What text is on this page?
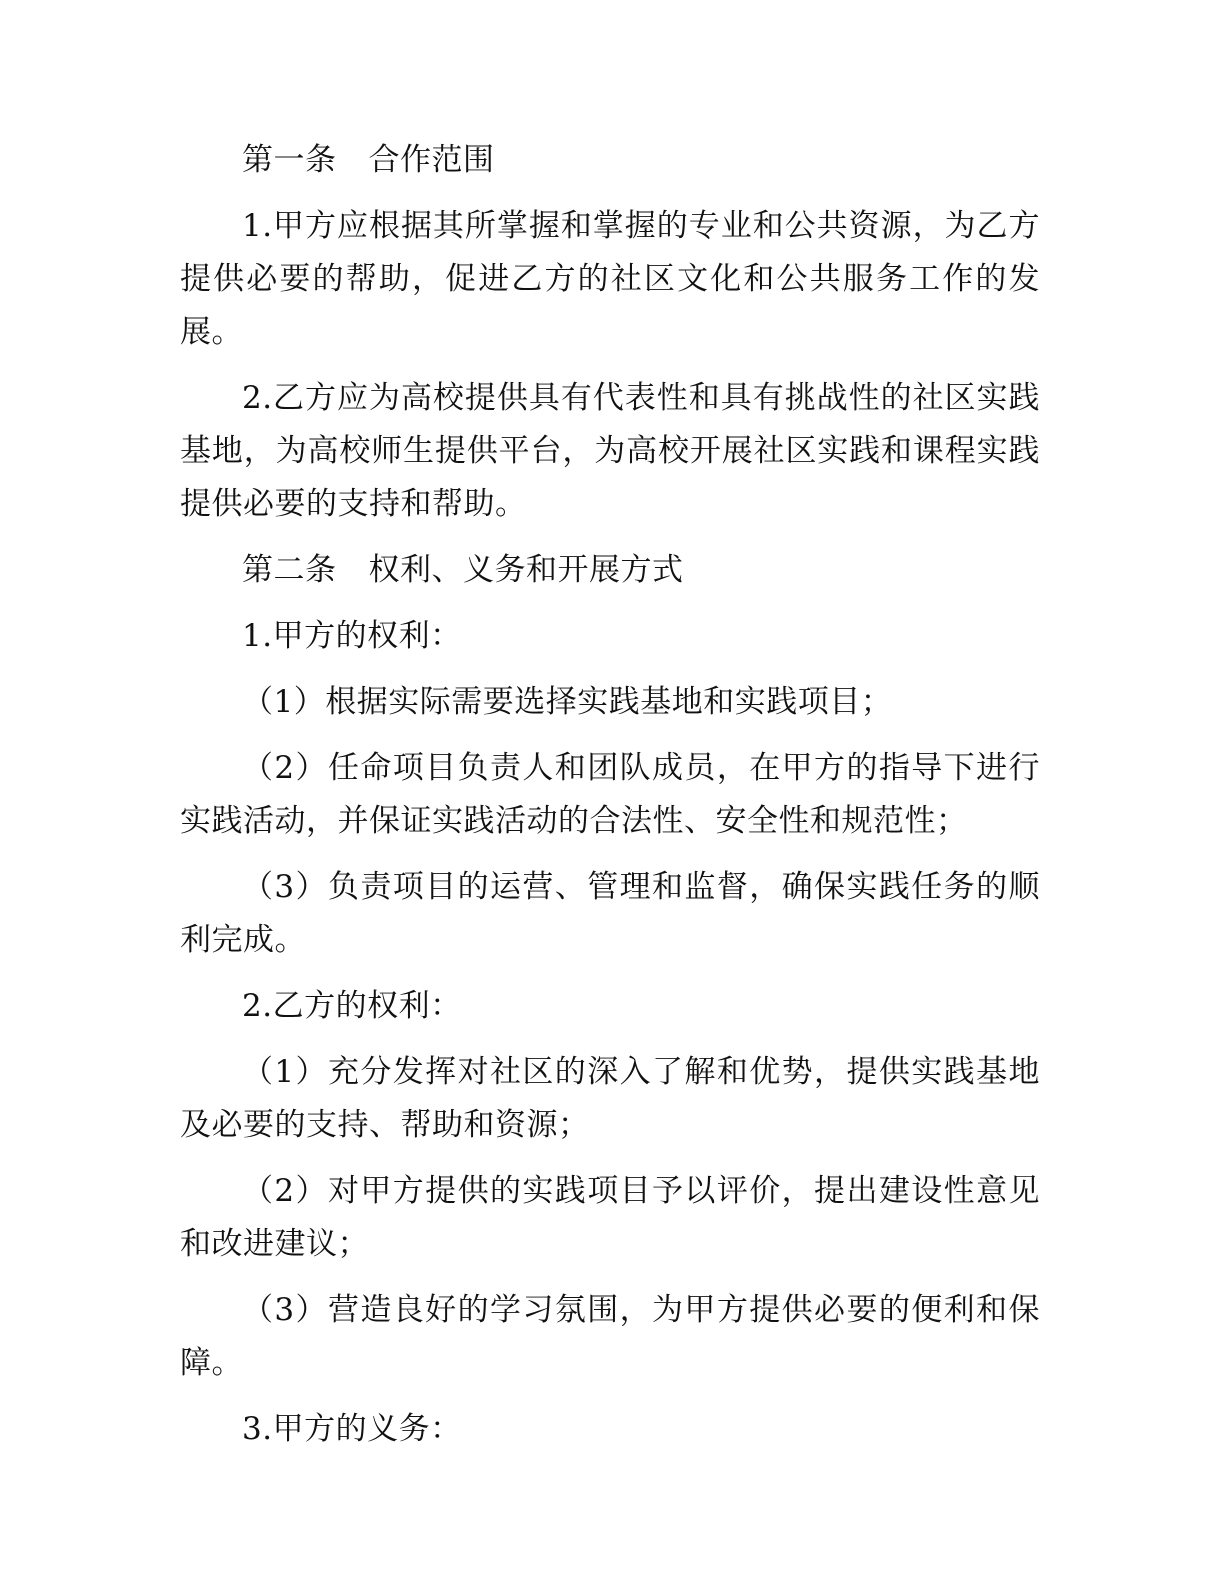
第一条 合作范围

1.甲方应根据其所掌握和掌握的专业和公共资源，为乙方提供必要的帮助，促进乙方的社区文化和公共服务工作的发展。

2.乙方应为高校提供具有代表性和具有挑战性的社区实践基地，为高校师生提供平台，为高校开展社区实践和课程实践提供必要的支持和帮助。

第二条 权利、义务和开展方式

1.甲方的权利：

（1）根据实际需要选择实践基地和实践项目；

（2）任命项目负责人和团队成员，在甲方的指导下进行实践活动，并保证实践活动的合法性、安全性和规范性；

（3）负责项目的运营、管理和监督，确保实践任务的顺利完成。

2.乙方的权利：

（1）充分发挥对社区的深入了解和优势，提供实践基地及必要的支持、帮助和资源；

（2）对甲方提供的实践项目予以评价，提出建设性意见和改进建议；

（3）营造良好的学习氛围，为甲方提供必要的便利和保障。

3.甲方的义务：
